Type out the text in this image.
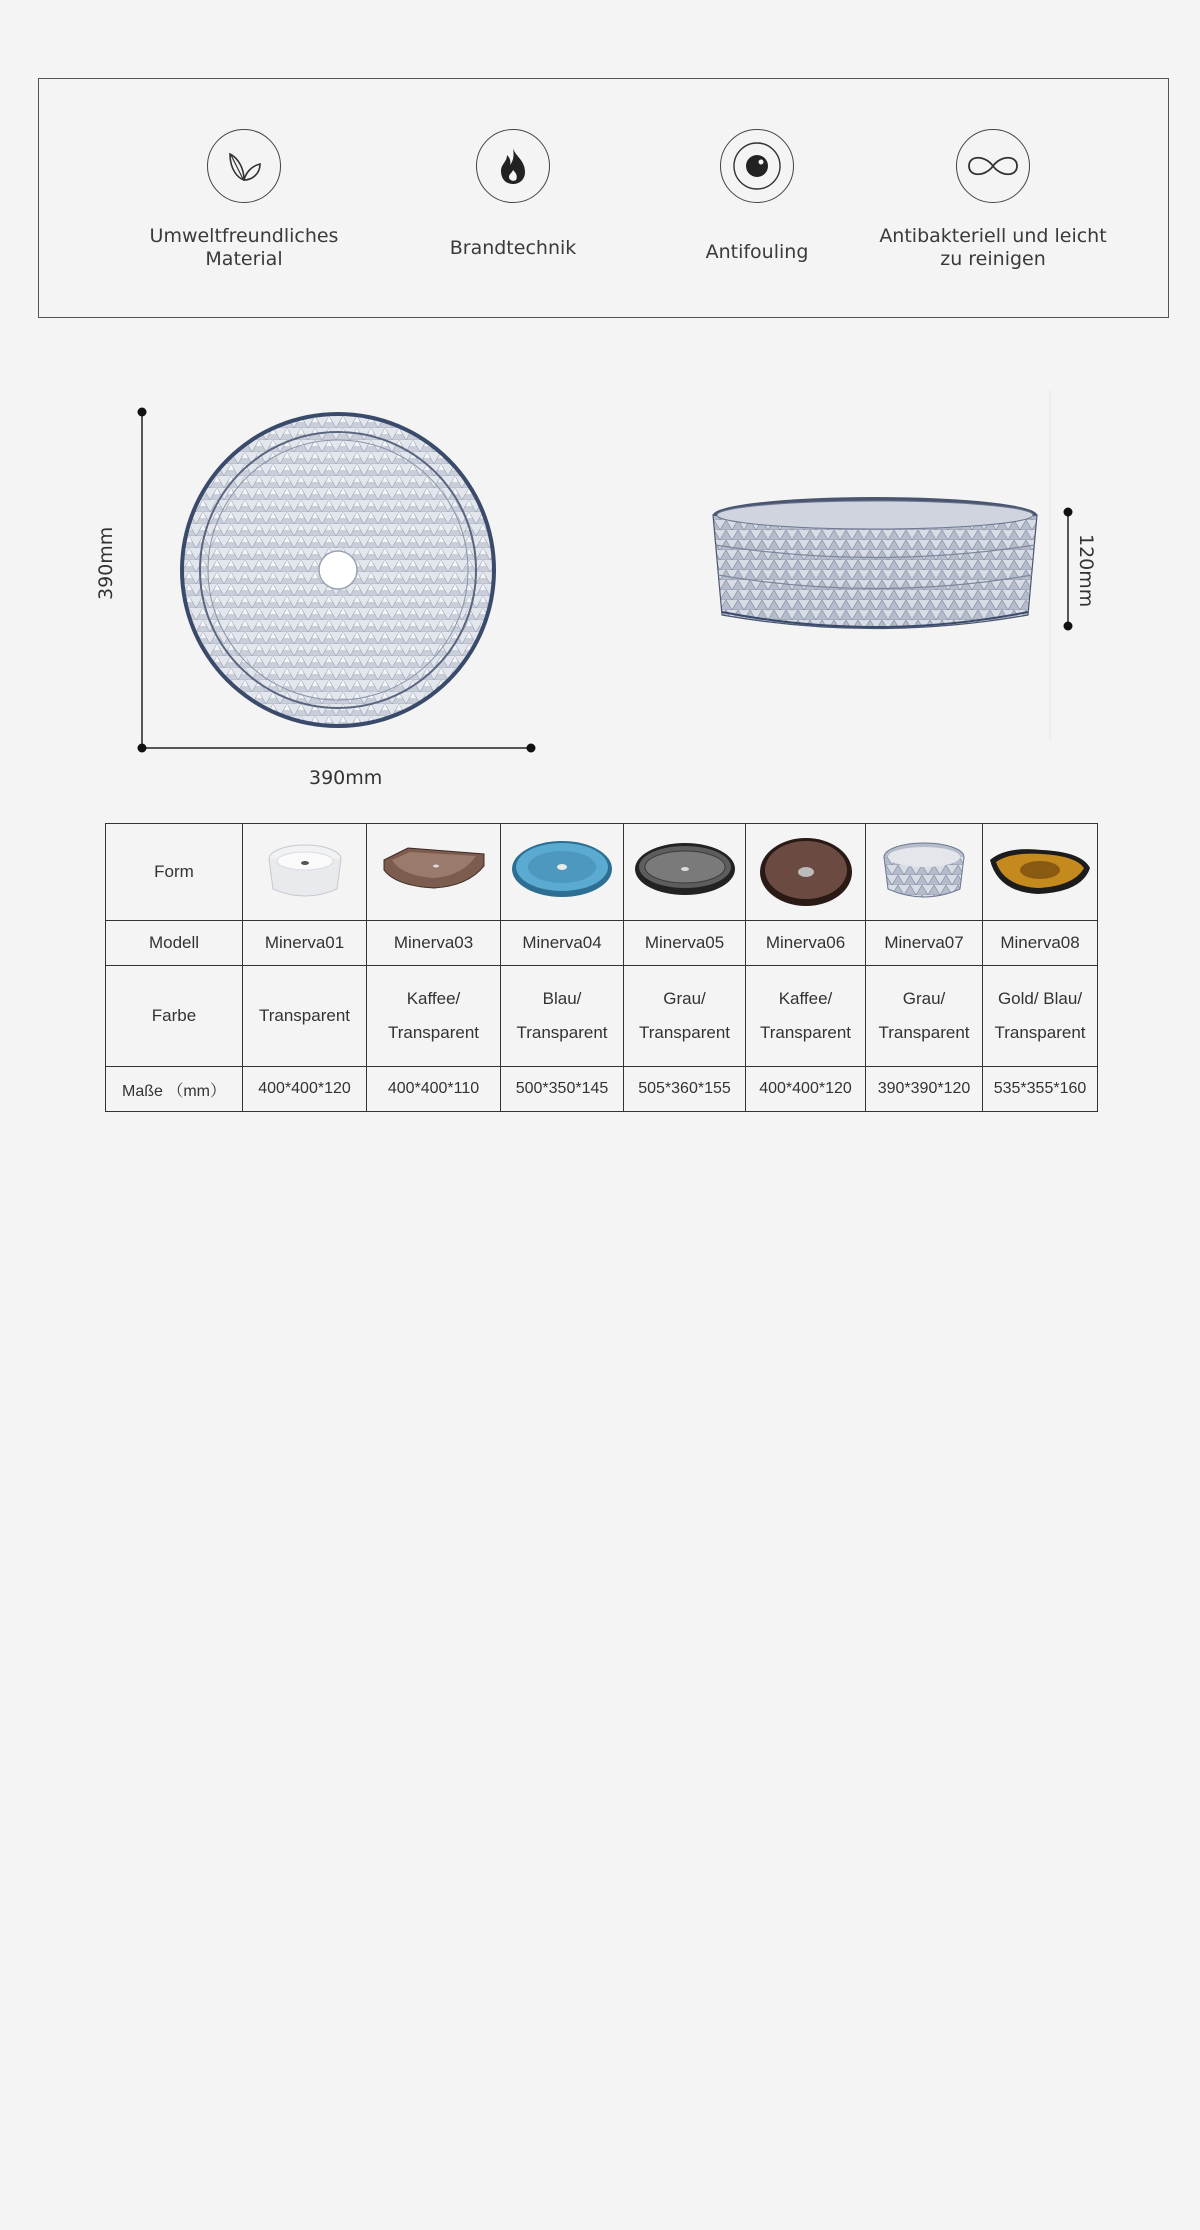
Umweltfreundliches Material	Brandtechnik	Antifouling
Antibakteriell und leicht zu reinigen
390mm
390mm
120mm
Form	

Modell	Minerva01	Minerva03	Minerva04	Minerva05	Minerva06	Minerva07	Minerva08
Farbe	Transparent	Kaffee/ Transparent	Blau/ Transparent	Grau/ Transparent	Kaffee/ Transparent	Grau/ Transparent	Gold/ Blau/ Transparent
Maße （mm）	400*400*120	400*400*110	500*350*145	505*360*155	400*400*120	390*390*120	535*355*160
